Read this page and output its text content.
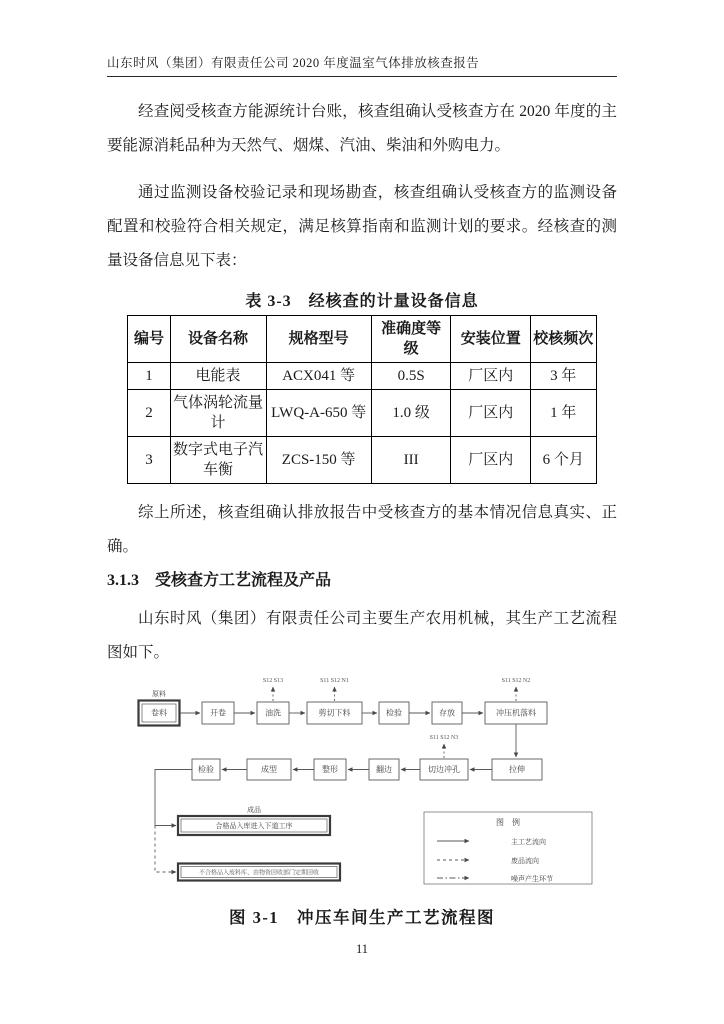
山东时风（集团）有限责任公司 2020 年度温室气体排放核查报告

经查阅受核查方能源统计台账，核查组确认受核查方在 2020 年度的主要能源消耗品种为天然气、烟煤、汽油、柴油和外购电力。

通过监测设备校验记录和现场勘查，核查组确认受核查方的监测设备配置和校验符合相关规定，满足核算指南和监测计划的要求。经核查的测量设备信息见下表：

表 3-3　经核查的计量设备信息
编号	设备名称	规格型号	准确度等级	安装位置	校核频次
1	电能表	ACX041 等	0.5S	厂区内	3 年
2	气体涡轮流量计	LWQ-A-650 等	1.0 级	厂区内	1 年
3	数字式电子汽车衡	ZCS-150 等	III	厂区内	6 个月

综上所述，核查组确认排放报告中受核查方的基本情况信息真实、正确。

3.1.3　受核查方工艺流程及产品

山东时风（集团）有限责任公司主要生产农用机械，其生产工艺流程图如下。

原料
卷料	开卷	油洗	剪切下料	检验	存放	冲压机落料
S12 S13	S11 S12 N1	S11 S12 N2
拉伸
切边冲孔
翻边
整形
成型
检验
S11 S12 N3
成品
合格品入库进入下道工序
不合格品入废料库、由物资回收部门定期回收
图　例
主工艺流向
废品流向
噪声产生环节
图 3-1　冲压车间生产工艺流程图
11
